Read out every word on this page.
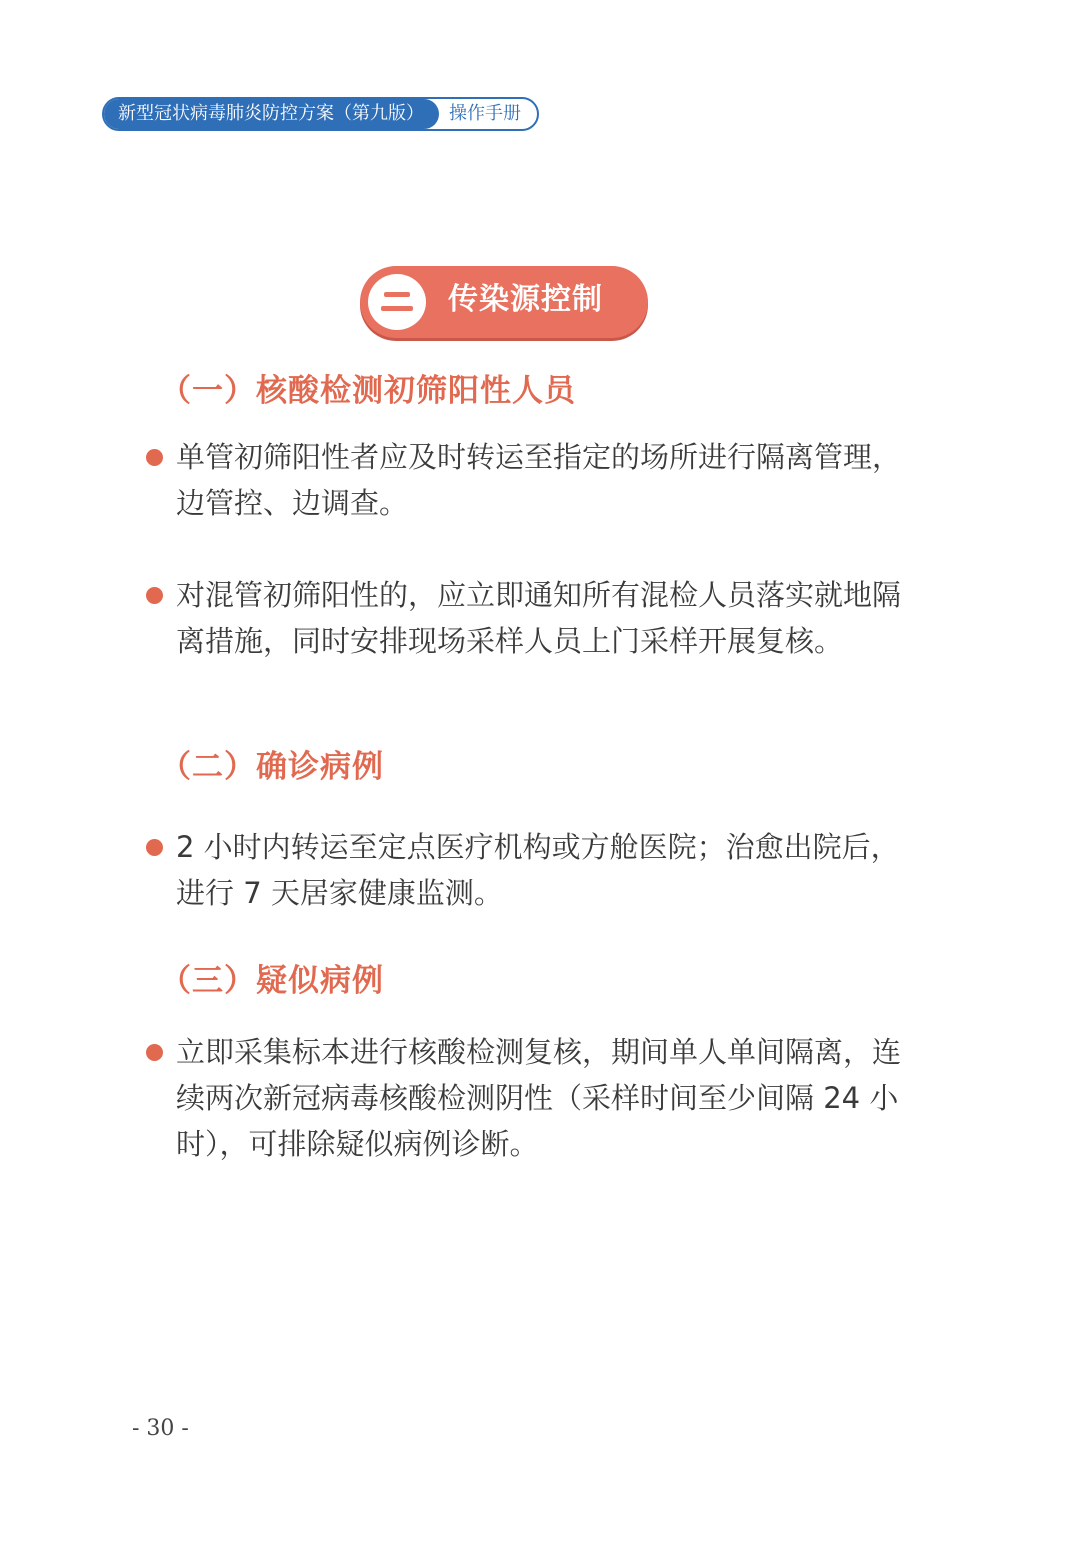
新型冠状病毒肺炎防控方案（第九版）	操作手册
传染源控制
（一）核酸检测初筛阳性人员
单管初筛阳性者应及时转运至指定的场所进行隔离管理，边管控、边调查。
对混管初筛阳性的，应立即通知所有混检人员落实就地隔离措施，同时安排现场采样人员上门采样开展复核。
（二）确诊病例
2 小时内转运至定点医疗机构或方舱医院；治愈出院后，进行 7 天居家健康监测。
（三）疑似病例
立即采集标本进行核酸检测复核，期间单人单间隔离，连续两次新冠病毒核酸检测阴性（采样时间至少间隔 24 小时），可排除疑似病例诊断。
- 30 -
